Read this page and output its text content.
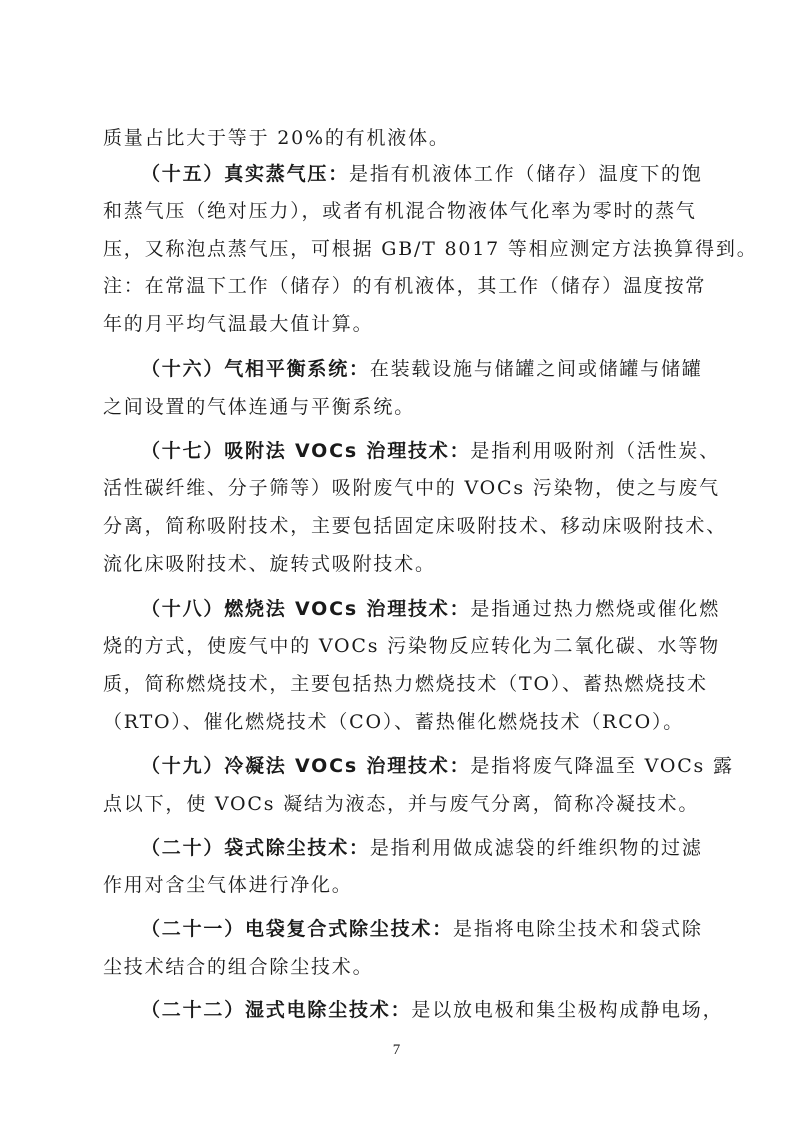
质量占比大于等于 20%的有机液体。
（十五）真实蒸气压：是指有机液体工作（储存）温度下的饱
和蒸气压（绝对压力），或者有机混合物液体气化率为零时的蒸气
压，又称泡点蒸气压，可根据 GB/T 8017 等相应测定方法换算得到。
注：在常温下工作（储存）的有机液体，其工作（储存）温度按常
年的月平均气温最大值计算。
（十六）气相平衡系统：在装载设施与储罐之间或储罐与储罐
之间设置的气体连通与平衡系统。
（十七）吸附法 VOCs 治理技术：是指利用吸附剂（活性炭、
活性碳纤维、分子筛等）吸附废气中的 VOCs 污染物，使之与废气
分离，简称吸附技术，主要包括固定床吸附技术、移动床吸附技术、
流化床吸附技术、旋转式吸附技术。
（十八）燃烧法 VOCs 治理技术：是指通过热力燃烧或催化燃
烧的方式，使废气中的 VOCs 污染物反应转化为二氧化碳、水等物
质，简称燃烧技术，主要包括热力燃烧技术（TO）、蓄热燃烧技术
（RTO）、催化燃烧技术（CO）、蓄热催化燃烧技术（RCO）。
（十九）冷凝法 VOCs 治理技术：是指将废气降温至 VOCs 露
点以下，使 VOCs 凝结为液态，并与废气分离，简称冷凝技术。
（二十）袋式除尘技术：是指利用做成滤袋的纤维织物的过滤
作用对含尘气体进行净化。
（二十一）电袋复合式除尘技术：是指将电除尘技术和袋式除
尘技术结合的组合除尘技术。
（二十二）湿式电除尘技术：是以放电极和集尘极构成静电场，
7
